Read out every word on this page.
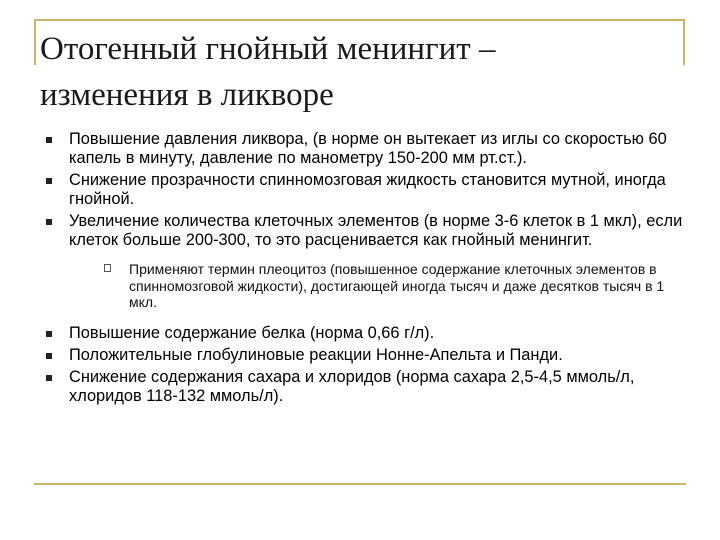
Отогенный гнойный менингит –
изменения в ликворе
Повышение давления ликвора, (в норме он вытекает из иглы со скоростью 60 капель в минуту, давление по манометру 150-200 мм рт.ст.).
Снижение прозрачности спинномозговая жидкость становится мутной, иногда гнойной.
Увеличение количества клеточных элементов (в норме 3-6 клеток в 1 мкл), если клеток больше 200-300, то это расценивается как гнойный менингит.
Применяют термин плеоцитоз (повышенное содержание клеточных элементов в спинномозговой жидкости), достигающей иногда тысяч и даже десятков тысяч в 1 мкл.
Повышение содержание белка (норма 0,66 г/л).
Положительные глобулиновые реакции Нонне-Апельта и Панди.
Снижение содержания сахара и хлоридов (норма сахара 2,5-4,5 ммоль/л, хлоридов 118-132 ммоль/л).
